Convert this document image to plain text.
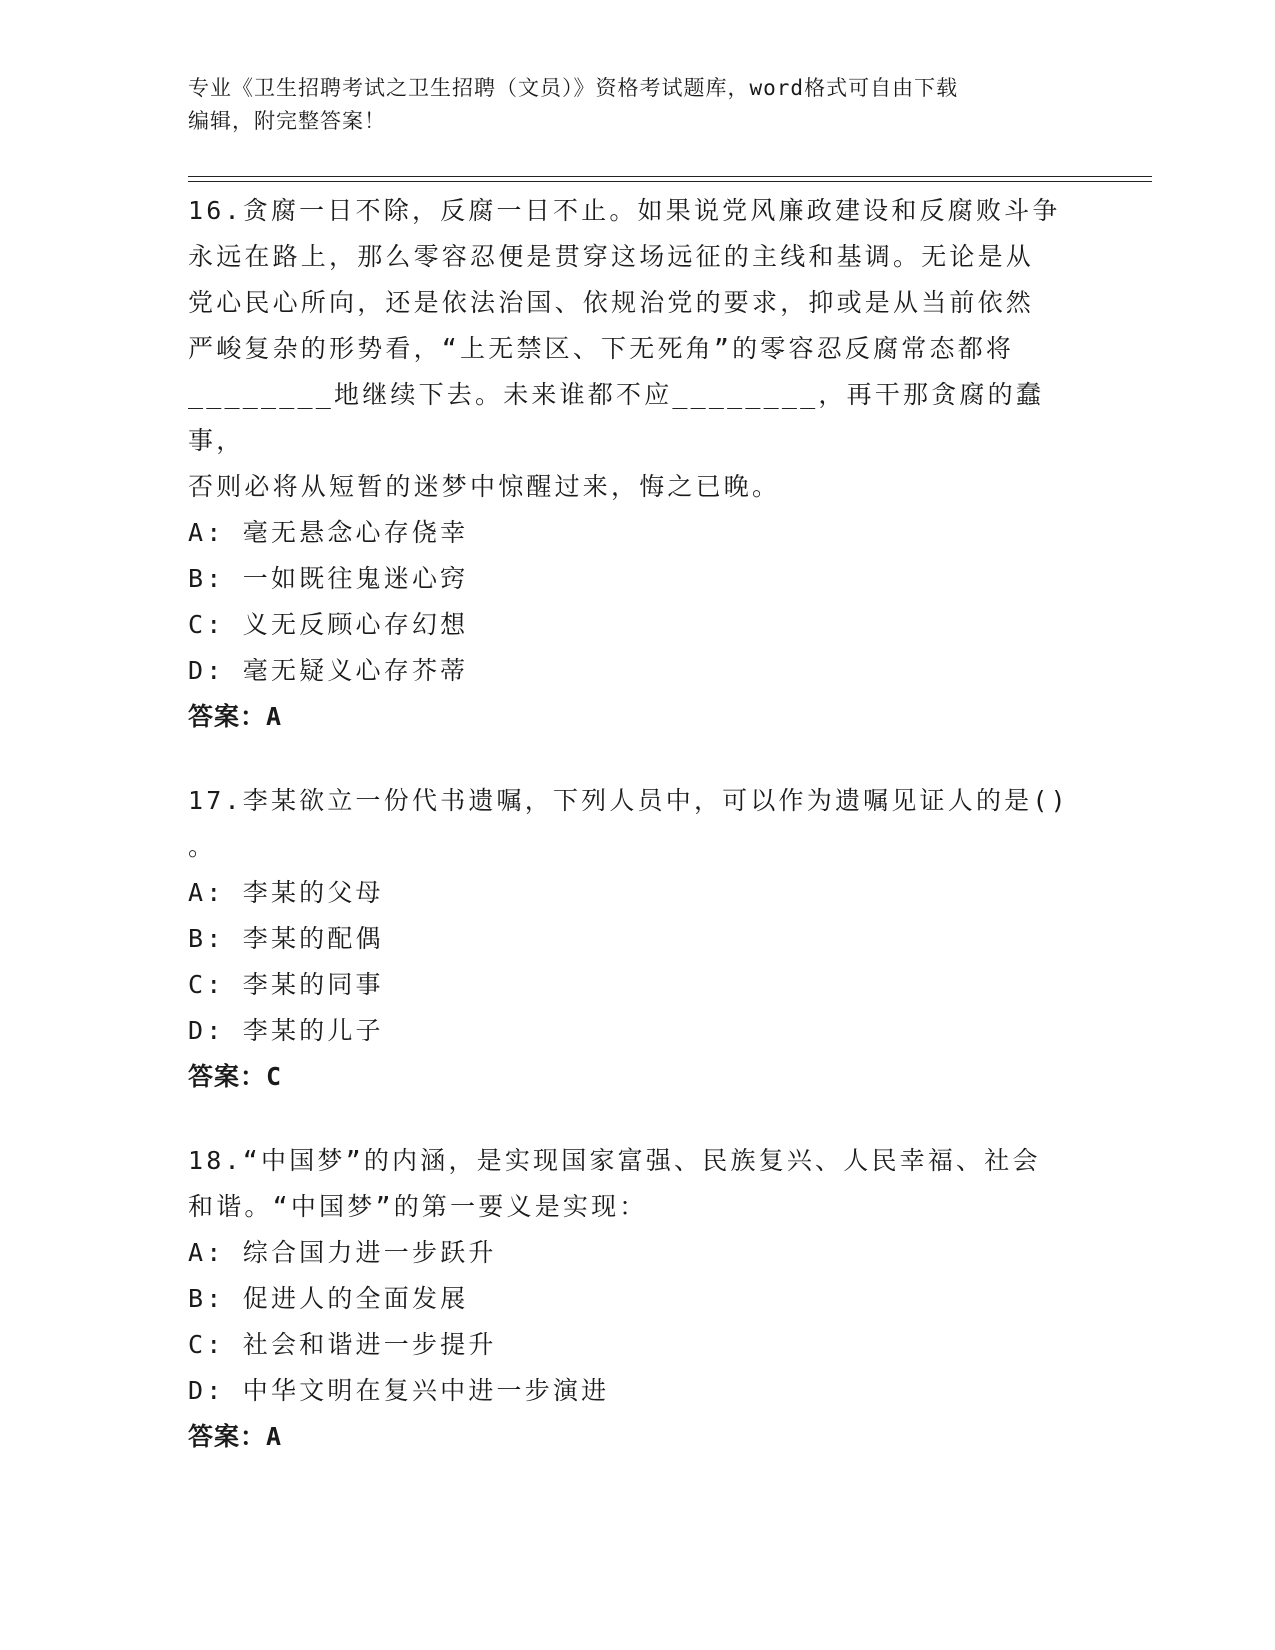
专业《卫生招聘考试之卫生招聘（文员）》资格考试题库，word格式可自由下载
编辑，附完整答案！
16.贪腐一日不除，反腐一日不止。如果说党风廉政建设和反腐败斗争
永远在路上，那么零容忍便是贯穿这场远征的主线和基调。无论是从
党心民心所向，还是依法治国、依规治党的要求，抑或是从当前依然
严峻复杂的形势看，“上无禁区、下无死角”的零容忍反腐常态都将
________地继续下去。未来谁都不应________，再干那贪腐的蠢事，
否则必将从短暂的迷梦中惊醒过来，悔之已晚。
A: 毫无悬念心存侥幸
B: 一如既往鬼迷心窍
C: 义无反顾心存幻想
D: 毫无疑义心存芥蒂
答案：A
17.李某欲立一份代书遗嘱，下列人员中，可以作为遗嘱见证人的是()
。
A: 李某的父母
B: 李某的配偶
C: 李某的同事
D: 李某的儿子
答案：C
18.“中国梦”的内涵，是实现国家富强、民族复兴、人民幸福、社会
和谐。“中国梦”的第一要义是实现：
A: 综合国力进一步跃升
B: 促进人的全面发展
C: 社会和谐进一步提升
D: 中华文明在复兴中进一步演进
答案：A
